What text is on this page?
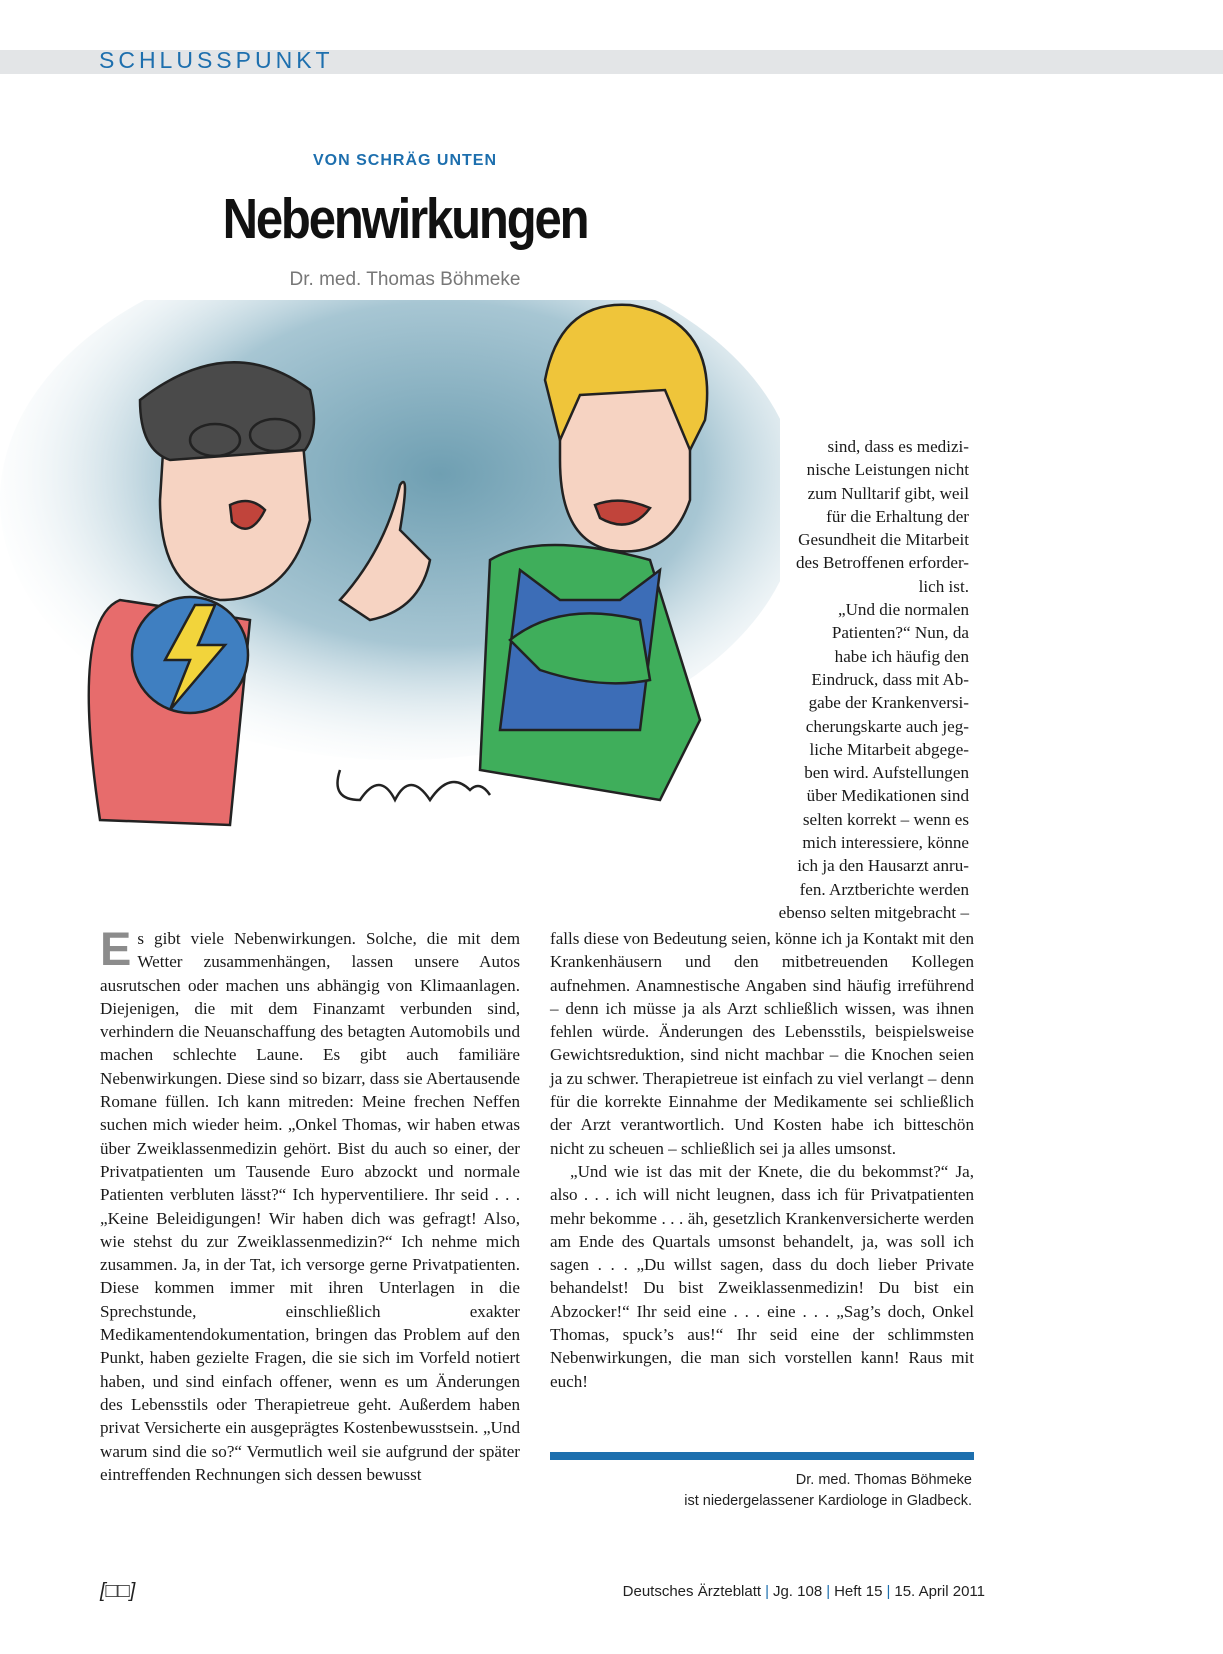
SCHLUSSPUNKT
VON SCHRÄG UNTEN
Nebenwirkungen
Dr. med. Thomas Böhmeke
sind, dass es medizi-
nische Leistungen nicht
zum Nulltarif gibt, weil
für die Erhaltung der
Gesundheit die Mitarbeit
des Betroffenen erforder-
lich ist.
„Und die normalen
Patienten?“ Nun, da
habe ich häufig den
Eindruck, dass mit Ab-
gabe der Krankenversi-
cherungskarte auch jeg-
liche Mitarbeit abgege-
ben wird. Aufstellungen
über Medikationen sind
selten korrekt – wenn es
mich interessiere, könne
ich ja den Hausarzt anru-
fen. Arztberichte werden
ebenso selten mitgebracht –

Es gibt viele Nebenwirkungen. Solche, die mit dem Wetter zusammenhängen, lassen unsere Autos ausrutschen oder machen uns abhängig von Klimaanlagen. Diejenigen, die mit dem Finanzamt verbunden sind, verhindern die Neuanschaffung des betagten Automobils und machen schlechte Laune. Es gibt auch familiäre Nebenwirkungen. Diese sind so bizarr, dass sie Abertausende Romane füllen. Ich kann mitreden: Meine frechen Neffen suchen mich wieder heim. „Onkel Thomas, wir haben etwas über Zweiklassenmedizin gehört. Bist du auch so einer, der Privatpatienten um Tausende Euro abzockt und normale Patienten verbluten lässt?“ Ich hyperventiliere. Ihr seid . . . „Keine Beleidigungen! Wir haben dich was gefragt! Also, wie stehst du zur Zweiklassenmedizin?“ Ich nehme mich zusammen. Ja, in der Tat, ich versorge gerne Privatpatienten. Diese kommen immer mit ihren Unterlagen in die Sprechstunde, einschließlich exakter Medikamentendokumentation, bringen das Problem auf den Punkt, haben gezielte Fragen, die sie sich im Vorfeld notiert haben, und sind einfach offener, wenn es um Änderungen des Lebensstils oder Therapietreue geht. Außerdem haben privat Versicherte ein ausgeprägtes Kostenbewusstsein. „Und warum sind die so?“ Vermutlich weil sie aufgrund der später eintreffenden Rechnungen sich dessen bewusst

falls diese von Bedeutung seien, könne ich ja Kontakt mit den Krankenhäusern und den mitbetreuenden Kollegen aufnehmen. Anamnestische Angaben sind häufig irreführend – denn ich müsse ja als Arzt schließlich wissen, was ihnen fehlen würde. Änderungen des Lebensstils, beispielsweise Gewichtsreduktion, sind nicht machbar – die Knochen seien ja zu schwer. Therapietreue ist einfach zu viel verlangt – denn für die korrekte Einnahme der Medikamente sei schließlich der Arzt verantwortlich. Und Kosten habe ich bitteschön nicht zu scheuen – schließlich sei ja alles umsonst.

„Und wie ist das mit der Knete, die du bekommst?“ Ja, also . . . ich will nicht leugnen, dass ich für Privatpatienten mehr bekomme . . . äh, gesetzlich Krankenversicherte werden am Ende des Quartals umsonst behandelt, ja, was soll ich sagen . . . „Du willst sagen, dass du doch lieber Private behandelst! Du bist Zweiklassenmedizin! Du bist ein Abzocker!“ Ihr seid eine . . . eine . . . „Sag’s doch, Onkel Thomas, spuck’s aus!“ Ihr seid eine der schlimmsten Nebenwirkungen, die man sich vorstellen kann! Raus mit euch!

Dr. med. Thomas Böhmeke
ist niedergelassener Kardiologe in Gladbeck.
[□□]	Deutsches Ärzteblatt | Jg. 108 | Heft 15 | 15. April 2011
